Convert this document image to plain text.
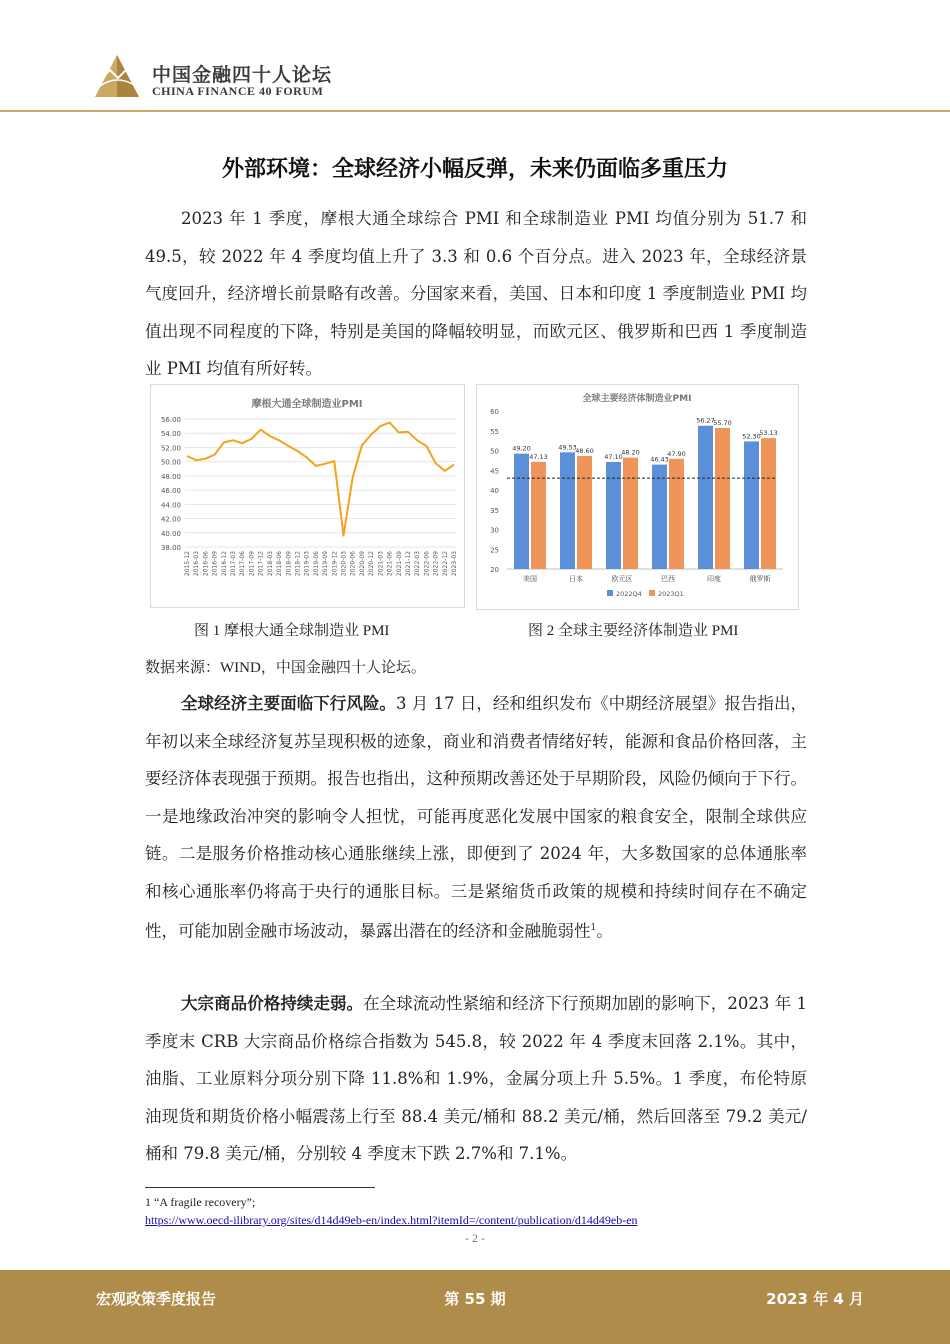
中国金融四十人论坛
CHINA FINANCE 40 FORUM
外部环境：全球经济小幅反弹，未来仍面临多重压力

2023 年 1 季度，摩根大通全球综合 PMI 和全球制造业 PMI 均值分别为 51.7 和 49.5，较 2022 年 4 季度均值上升了 3.3 和 0.6 个百分点。进入 2023 年，全球经济景气度回升，经济增长前景略有改善。分国家来看，美国、日本和印度 1 季度制造业 PMI 均值出现不同程度的下降，特别是美国的降幅较明显，而欧元区、俄罗斯和巴西 1 季度制造业 PMI 均值有所好转。

摩根大通全球制造业PMI
56.00
54.00
52.00
50.00
48.00
46.00
44.00
42.00
40.00
38.00
2015-12 2016-03 2016-06 2016-09 2016-12 2017-03 2017-06 2017-09 2017-12 2018-03 2018-06 2018-09 2018-12 2019-03 2019-06 2019-09 2019-12 2020-03 2020-06 2020-09 2020-12 2021-03 2021-06 2021-09 2021-12 2022-03 2022-06 2022-09 2022-12 2023-03
全球主要经济体制造业PMI
60
55
50
45
40
35
30
25
20
49.20
47.13
美国
49.53
48.60
日本
47.10
48.20
欧元区
46.43
47.90
巴西
56.27
55.70
印度
52.30
53.13
俄罗斯
2022Q4 2023Q1
图 1 摩根大通全球制造业 PMI	图 2 全球主要经济体制造业 PMI
数据来源：WIND，中国金融四十人论坛。

全球经济主要面临下行风险。3 月 17 日，经和组织发布《中期经济展望》报告指出，年初以来全球经济复苏呈现积极的迹象，商业和消费者情绪好转，能源和食品价格回落，主要经济体表现强于预期。报告也指出，这种预期改善还处于早期阶段，风险仍倾向于下行。一是地缘政治冲突的影响令人担忧，可能再度恶化发展中国家的粮食安全，限制全球供应链。二是服务价格推动核心通胀继续上涨，即便到了 2024 年，大多数国家的总体通胀率和核心通胀率仍将高于央行的通胀目标。三是紧缩货币政策的规模和持续时间存在不确定性，可能加剧金融市场波动，暴露出潜在的经济和金融脆弱性$^1$。

大宗商品价格持续走弱。在全球流动性紧缩和经济下行预期加剧的影响下，2023 年 1 季度末 CRB 大宗商品价格综合指数为 545.8，较 2022 年 4 季度末回落 2.1%。其中，油脂、工业原料分项分别下降 11.8%和 1.9%，金属分项上升 5.5%。1 季度，布伦特原油现货和期货价格小幅震荡上行至 88.4 美元/桶和 88.2 美元/桶，然后回落至 79.2 美元/桶和 79.8 美元/桶，分别较 4 季度末下跌 2.7%和 7.1%。

1 “A fragile recovery”;
https://www.oecd-ilibrary.org/sites/d14d49eb-en/index.html?itemId=/content/publication/d14d49eb-en
- 2 -
宏观政策季度报告	第 55 期	2023 年 4 月
